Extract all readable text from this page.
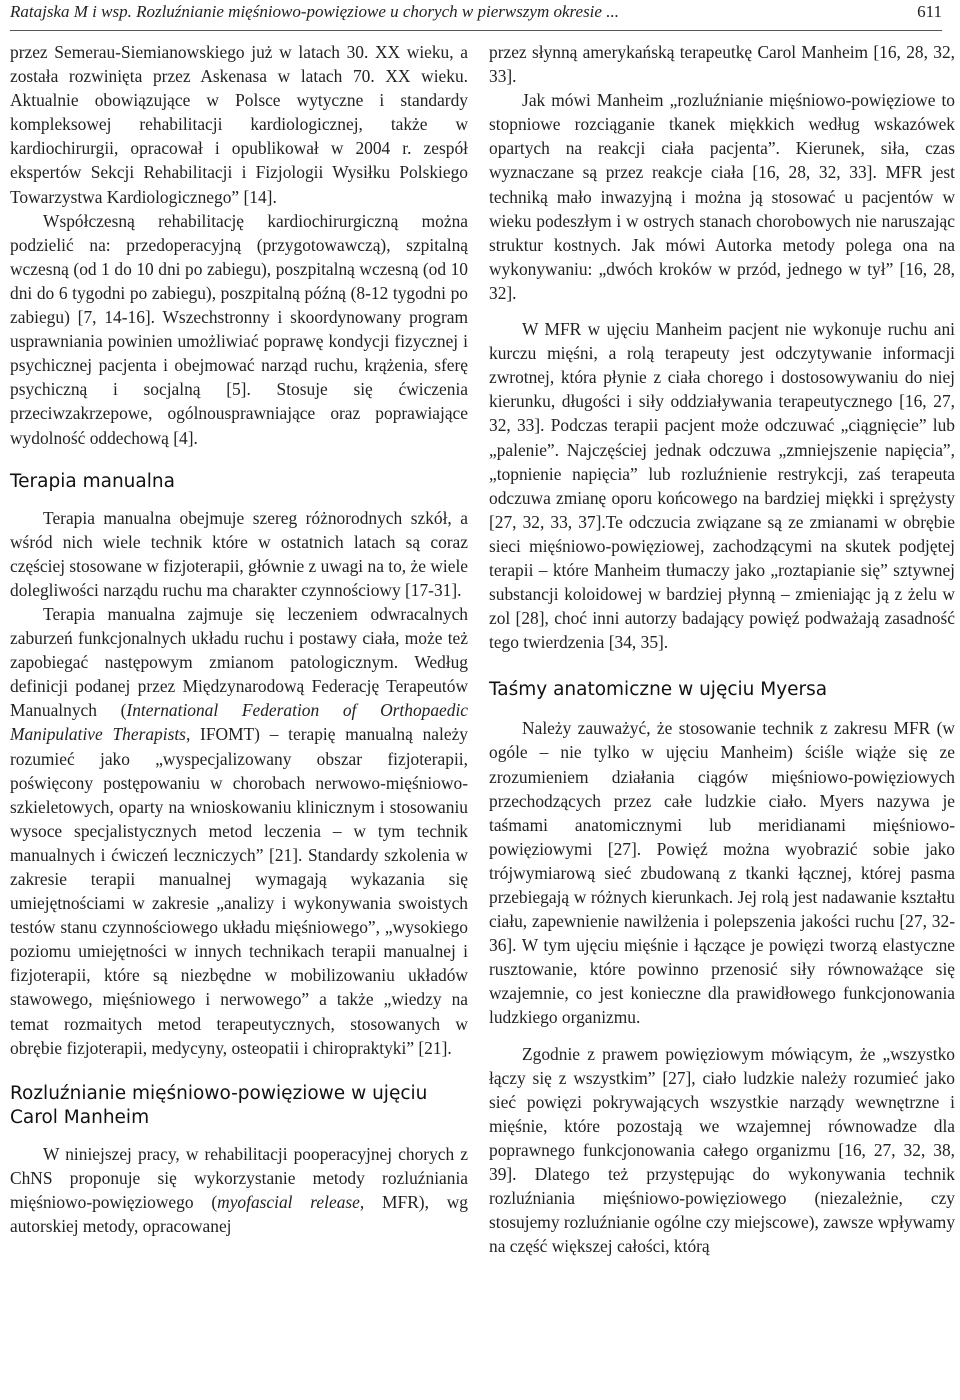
Ratajska M i wsp. Rozluźnianie mięśniowo-powięziowe u chorych w pierwszym okresie ...	611

przez Semerau-Siemianowskiego już w latach 30. XX wieku, a została rozwinięta przez Askenasa w latach 70. XX wieku. Aktualnie obowiązujące w Polsce wytyczne i standardy kompleksowej rehabilitacji kardiologicznej, także w kardiochirurgii, opracował i opublikował w 2004 r. zespół ekspertów Sekcji Rehabilitacji i Fizjologii Wysiłku Polskiego Towarzystwa Kardiologicznego” [14].

Współczesną rehabilitację kardiochirurgiczną można podzielić na: przedoperacyjną (przygotowawczą), szpitalną wczesną (od 1 do 10 dni po zabiegu), poszpitalną wczesną (od 10 dni do 6 tygodni po zabiegu), poszpitalną późną (8-12 tygodni po zabiegu) [7, 14-16]. Wszechstronny i skoordynowany program usprawniania powinien umożliwiać poprawę kondycji fizycznej i psychicznej pacjenta i obejmować narząd ruchu, krążenia, sferę psychiczną i socjalną [5]. Stosuje się ćwiczenia przeciwzakrzepowe, ogólnousprawniające oraz poprawiające wydolność oddechową [4].

Terapia manualna

Terapia manualna obejmuje szereg różnorodnych szkół, a wśród nich wiele technik które w ostatnich latach są coraz częściej stosowane w fizjoterapii, głównie z uwagi na to, że wiele dolegliwości narządu ruchu ma charakter czynnościowy [17-31].

Terapia manualna zajmuje się leczeniem odwracalnych zaburzeń funkcjonalnych układu ruchu i postawy ciała, może też zapobiegać następowym zmianom patologicznym. Według definicji podanej przez Międzynarodową Federację Terapeutów Manualnych (International Federation of Orthopaedic Manipulative Therapists, IFOMT) – terapię manualną należy rozumieć jako „wyspecjalizowany obszar fizjoterapii, poświęcony postępowaniu w chorobach nerwowo-mięśniowo-szkieletowych, oparty na wnioskowaniu klinicznym i stosowaniu wysoce specjalistycznych metod leczenia – w tym technik manualnych i ćwiczeń leczniczych” [21]. Standardy szkolenia w zakresie terapii manualnej wymagają wykazania się umiejętnościami w zakresie „analizy i wykonywania swoistych testów stanu czynnościowego układu mięśniowego”, „wysokiego poziomu umiejętności w innych technikach terapii manualnej i fizjoterapii, które są niezbędne w mobilizowaniu układów stawowego, mięśniowego i nerwowego” a także „wiedzy na temat rozmaitych metod terapeutycznych, stosowanych w obrębie fizjoterapii, medycyny, osteopatii i chiropraktyki” [21].

Rozluźnianie mięśniowo-powięziowe w ujęciu Carol Manheim

W niniejszej pracy, w rehabilitacji pooperacyjnej chorych z ChNS proponuje się wykorzystanie metody rozluźniania mięśniowo-powięziowego (myofascial release, MFR), wg autorskiej metody, opracowanej

przez słynną amerykańską terapeutkę Carol Manheim [16, 28, 32, 33].

Jak mówi Manheim „rozluźnianie mięśniowo-powięziowe to stopniowe rozciąganie tkanek miękkich według wskazówek opartych na reakcji ciała pacjenta”. Kierunek, siła, czas wyznaczane są przez reakcje ciała [16, 28, 32, 33]. MFR jest techniką mało inwazyjną i można ją stosować u pacjentów w wieku podeszłym i w ostrych stanach chorobowych nie naruszając struktur kostnych. Jak mówi Autorka metody polega ona na wykonywaniu: „dwóch kroków w przód, jednego w tył” [16, 28, 32].

W MFR w ujęciu Manheim pacjent nie wykonuje ruchu ani kurczu mięśni, a rolą terapeuty jest odczytywanie informacji zwrotnej, która płynie z ciała chorego i dostosowywaniu do niej kierunku, długości i siły oddziaływania terapeutycznego [16, 27, 32, 33]. Podczas terapii pacjent może odczuwać „ciągnięcie” lub „palenie”. Najczęściej jednak odczuwa „zmniejszenie napięcia”, „topnienie napięcia” lub rozluźnienie restrykcji, zaś terapeuta odczuwa zmianę oporu końcowego na bardziej miękki i sprężysty [27, 32, 33, 37].Te odczucia związane są ze zmianami w obrębie sieci mięśniowo-powięziowej, zachodzącymi na skutek podjętej terapii – które Manheim tłumaczy jako „roztapianie się” sztywnej substancji koloidowej w bardziej płynną – zmieniając ją z żelu w zol [28], choć inni autorzy badający powięź podważają zasadność tego twierdzenia [34, 35].

Taśmy anatomiczne w ujęciu Myersa

Należy zauważyć, że stosowanie technik z zakresu MFR (w ogóle – nie tylko w ujęciu Manheim) ściśle wiąże się ze zrozumieniem działania ciągów mięśniowo-powięziowych przechodzących przez całe ludzkie ciało. Myers nazywa je taśmami anatomicznymi lub meridianami mięśniowo-powięziowymi [27]. Powięź można wyobrazić sobie jako trójwymiarową sieć zbudowaną z tkanki łącznej, której pasma przebiegają w różnych kierunkach. Jej rolą jest nadawanie kształtu ciału, zapewnienie nawilżenia i polepszenia jakości ruchu [27, 32-36]. W tym ujęciu mięśnie i łączące je powięzi tworzą elastyczne rusztowanie, które powinno przenosić siły równoważące się wzajemnie, co jest konieczne dla prawidłowego funkcjonowania ludzkiego organizmu.

Zgodnie z prawem powięziowym mówiącym, że „wszystko łączy się z wszystkim” [27], ciało ludzkie należy rozumieć jako sieć powięzi pokrywających wszystkie narządy wewnętrzne i mięśnie, które pozostają we wzajemnej równowadze dla poprawnego funkcjonowania całego organizmu [16, 27, 32, 38, 39]. Dlatego też przystępując do wykonywania technik rozluźniania mięśniowo-powięziowego (niezależnie, czy stosujemy rozluźnianie ogólne czy miejscowe), zawsze wpływamy na część większej całości, którą
